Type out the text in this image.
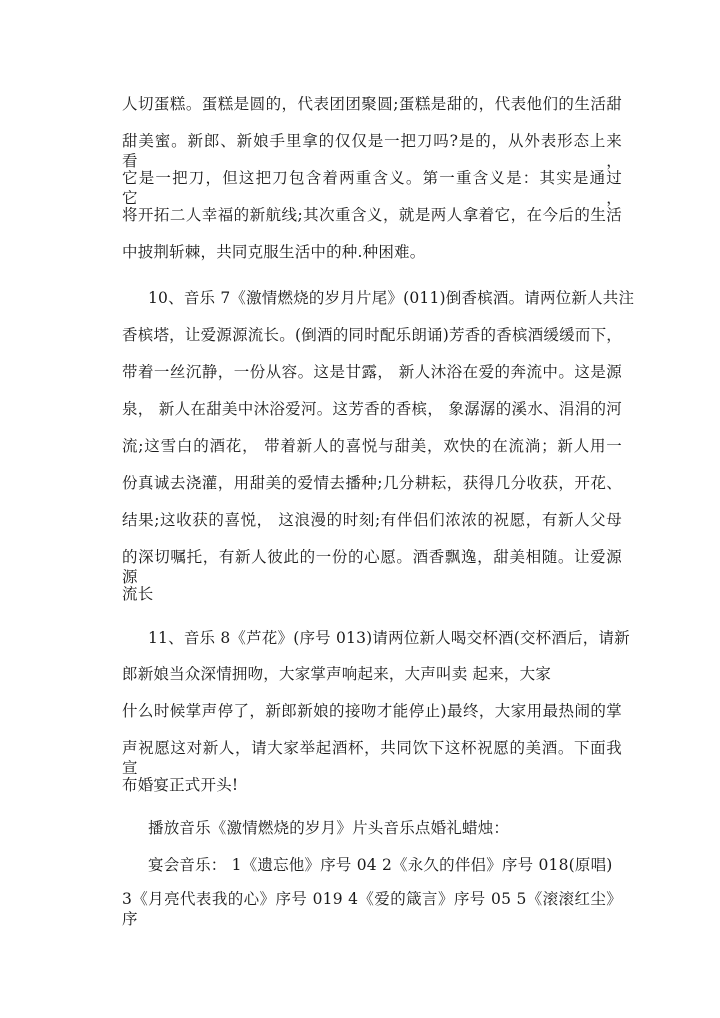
人切蛋糕。蛋糕是圆的，代表团团聚圆;蛋糕是甜的，代表他们的生活甜
甜美蜜。新郎、新娘手里拿的仅仅是一把刀吗?是的，从外表形态上来看，
它是一把刀，但这把刀包含着两重含义。第一重含义是：其实是通过它，
将开拓二人幸福的新航线;其次重含义，就是两人拿着它，在今后的生活
中披荆斩棘，共同克服生活中的种.种困难。
10、音乐 7《激情燃烧的岁月片尾》(011)倒香槟酒。请两位新人共注
香槟塔，让爱源源流长。(倒酒的同时配乐朗诵)芳香的香槟酒缓缓而下，
带着一丝沉静，一份从容。这是甘露， 新人沐浴在爱的奔流中。这是源
泉， 新人在甜美中沐浴爱河。这芳香的香槟， 象潺潺的溪水、涓涓的河
流;这雪白的酒花， 带着新人的喜悦与甜美，欢快的在流淌；新人用一
份真诚去浇灌，用甜美的爱情去播种;几分耕耘，获得几分收获，开花、
结果;这收获的喜悦， 这浪漫的时刻;有伴侣们浓浓的祝愿，有新人父母
的深切嘱托，有新人彼此的一份的心愿。酒香飘逸，甜美相随。让爱源源
流长
11、音乐 8《芦花》(序号 013)请两位新人喝交杯酒(交杯酒后，请新
郎新娘当众深情拥吻，大家掌声响起来，大声叫卖 起来，大家
什么时候掌声停了，新郎新娘的接吻才能停止)最终，大家用最热闹的掌
声祝愿这对新人，请大家举起酒杯，共同饮下这杯祝愿的美酒。下面我宣
布婚宴正式开头!
播放音乐《激情燃烧的岁月》片头音乐点婚礼蜡烛：
宴会音乐： 1《遗忘他》序号 04 2《永久的伴侣》序号 018(原唱)
3《月亮代表我的心》序号 019 4《爱的箴言》序号 05 5《滚滚红尘》序
